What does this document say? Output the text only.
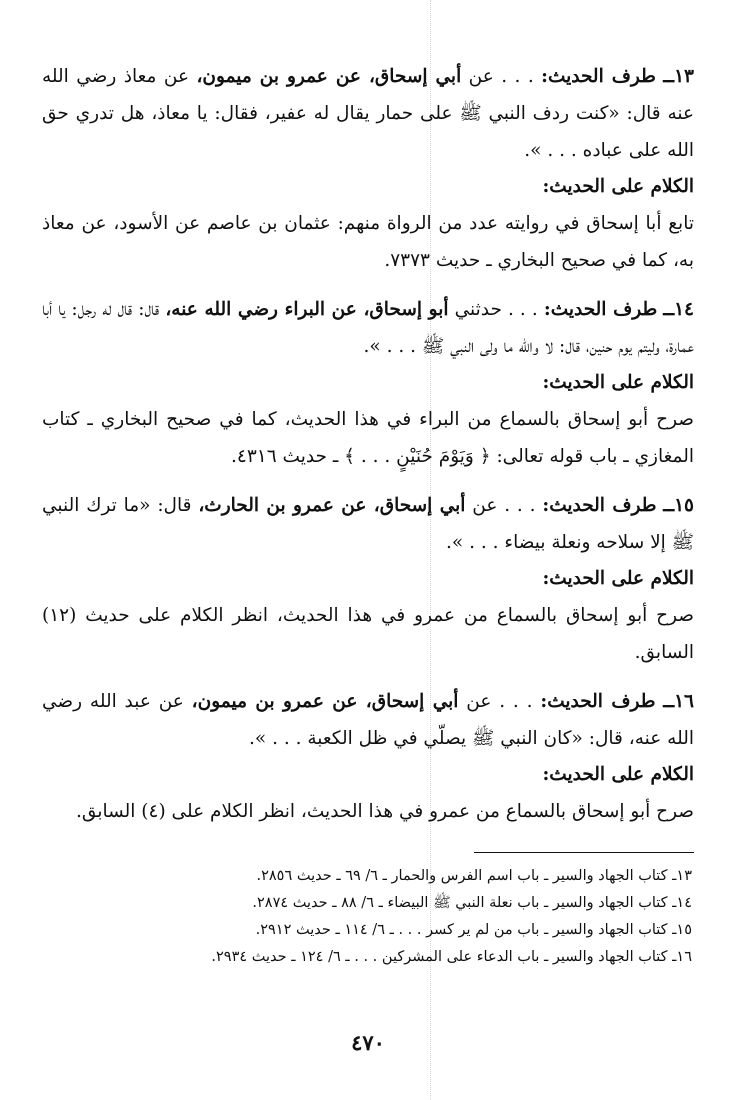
١٣ــ طرف الحديث: . . . عن أبي إسحاق، عن عمرو بن ميمون، عن معاذ رضي الله عنه قال: «كنت ردف النبي ﷺ على حمار يقال له عفير، فقال: يا معاذ، هل تدري حق الله على عباده . . . ».

الكلام على الحديث:

تابع أبا إسحاق في روايته عدد من الرواة منهم: عثمان بن عاصم عن الأسود، عن معاذ به، كما في صحيح البخاري ـ حديث ٧٣٧٣.

١٤ــ طرف الحديث: . . . حدثني أبو إسحاق، عن البراء رضي الله عنه، قال: قال له رجل: يا أبا عمارة، وليتم يوم حنين، قال: لا والله ما ولى النبي ﷺ . . . ».

الكلام على الحديث:

صرح أبو إسحاق بالسماع من البراء في هذا الحديث، كما في صحيح البخاري ـ كتاب المغازي ـ باب قوله تعالى: ﴿ وَيَوْمَ حُنَيْنٍ . . . ﴾ ـ حديث ٤٣١٦.

١٥ــ طرف الحديث: . . . عن أبي إسحاق، عن عمرو بن الحارث، قال: «ما ترك النبي ﷺ إلا سلاحه ونعلة بيضاء . . . ».

الكلام على الحديث:

صرح أبو إسحاق بالسماع من عمرو في هذا الحديث، انظر الكلام على حديث (١٢) السابق.

١٦ــ طرف الحديث: . . . عن أبي إسحاق، عن عمرو بن ميمون، عن عبد الله رضي الله عنه، قال: «كان النبي ﷺ يصلّي في ظل الكعبة . . . ».

الكلام على الحديث:

صرح أبو إسحاق بالسماع من عمرو في هذا الحديث، انظر الكلام على (٤) السابق.

١٣ـ كتاب الجهاد والسير ـ باب اسم الفرس والحمار ـ ٦/ ٦٩ ـ حديث ٢٨٥٦.

١٤ـ كتاب الجهاد والسير ـ باب نعلة النبي ﷺ البيضاء ـ ٦/ ٨٨ ـ حديث ٢٨٧٤.

١٥ـ كتاب الجهاد والسير ـ باب من لم ير كسر . . . ـ ٦/ ١١٤ ـ حديث ٢٩١٢.

١٦ـ كتاب الجهاد والسير ـ باب الدعاء على المشركين . . . ـ ٦/ ١٢٤ ـ حديث ٢٩٣٤.

٤٧٠
